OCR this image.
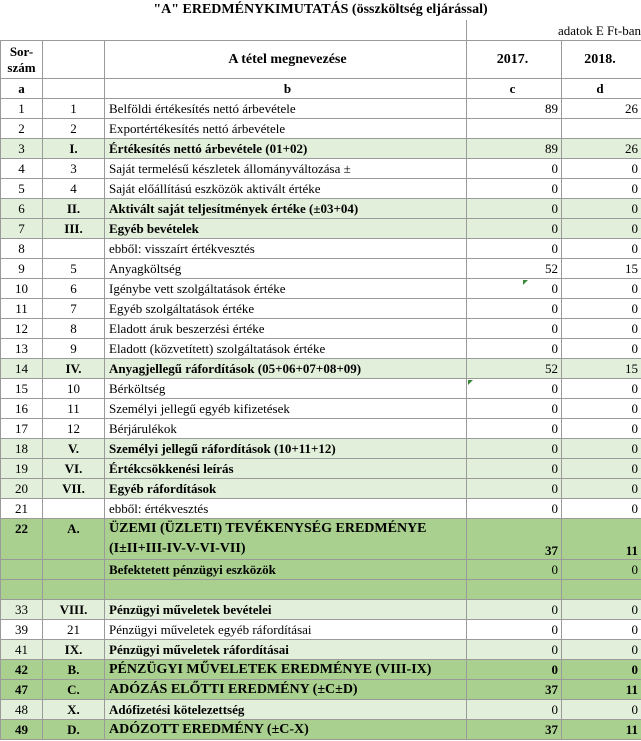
"A" EREDMÉNYKIMUTATÁS (összköltség eljárással)
adatok E Ft-ban
Sor-
szám		A tétel megnevezése	2017.	2018.
a		b	c	d
1	1	Belföldi értékesítés nettó árbevétele	89	26
2	2	Exportértékesítés nettó árbevétele		
3	I.	Értékesítés nettó árbevétele (01+02)	89	26
4	3	Saját termelésű készletek állományváltozása ±	0	0
5	4	Saját előállítású eszközök aktivált értéke	0	0
6	II.	Aktivált saját teljesítmények értéke (±03+04)	0	0
7	III.	Egyéb bevételek	0	0
8		ebből: visszaírt értékvesztés	0	0
9	5	Anyagköltség	52	15
10	6	Igénybe vett szolgáltatások értéke	0	0
11	7	Egyéb szolgáltatások értéke	0	0
12	8	Eladott áruk beszerzési értéke	0	0
13	9	Eladott (közvetített) szolgáltatások értéke	0	0
14	IV.	Anyagjellegű ráfordítások (05+06+07+08+09)	52	15
15	10	Bérköltség	0	0
16	11	Személyi jellegű egyéb kifizetések	0	0
17	12	Bérjárulékok	0	0
18	V.	Személyi jellegű ráfordítások (10+11+12)	0	0
19	VI.	Értékcsökkenési leírás	0	0
20	VII.	Egyéb ráfordítások	0	0
21		ebből: értékvesztés	0	0
22	A.	ÜZEMI (ÜZLETI) TEVÉKENYSÉG EREDMÉNYE
(I±II+III-IV-V-VI-VII)	37	11
		Befektetett pénzügyi eszközök	0	0

33	VIII.	Pénzügyi műveletek bevételei	0	0
39	21	Pénzügyi műveletek egyéb ráfordításai	0	0
41	IX.	Pénzügyi műveletek ráfordításai	0	0
42	B.	PÉNZÜGYI MŰVELETEK EREDMÉNYE (VIII-IX)	0	0
47	C.	ADÓZÁS ELŐTTI EREDMÉNY (±C±D)	37	11
48	X.	Adófizetési kötelezettség	0	0
49	D.	ADÓZOTT EREDMÉNY (±C-X)	37	11
